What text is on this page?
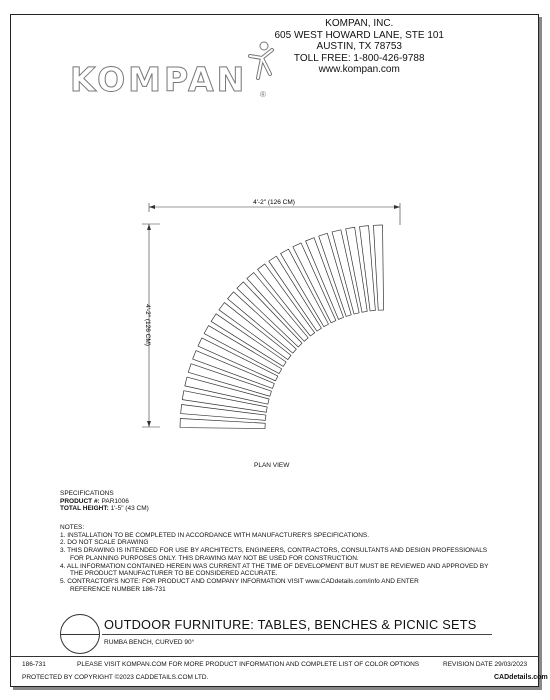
KOMPAN, INC.
605 WEST HOWARD LANE, STE 101
AUSTIN, TX 78753
TOLL FREE: 1-800-426-9788
www.kompan.com
KOMPAN ®
4'-2" (126 CM)
4'-2" (126 CM)
PLAN VIEW
SPECIFICATIONS
PRODUCT #: PAR1006
TOTAL HEIGHT: 1'-5" (43 CM)
NOTES:
1. INSTALLATION TO BE COMPLETED IN ACCORDANCE WITH MANUFACTURER'S SPECIFICATIONS.
2. DO NOT SCALE DRAWING
3. THIS DRAWING IS INTENDED FOR USE BY ARCHITECTS, ENGINEERS, CONTRACTORS, CONSULTANTS AND DESIGN PROFESSIONALS
FOR PLANNING PURPOSES ONLY. THIS DRAWING MAY NOT BE USED FOR CONSTRUCTION.
4. ALL INFORMATION CONTAINED HEREIN WAS CURRENT AT THE TIME OF DEVELOPMENT BUT MUST BE REVIEWED AND APPROVED BY
THE PRODUCT MANUFACTURER TO BE CONSIDERED ACCURATE.
5. CONTRACTOR'S NOTE: FOR PRODUCT AND COMPANY INFORMATION VISIT www.CADdetails.com/info AND ENTER
REFERENCE NUMBER 186-731
OUTDOOR FURNITURE: TABLES, BENCHES & PICNIC SETS
RUMBA BENCH, CURVED 90°
186-731	PLEASE VISIT KOMPAN.COM FOR MORE PRODUCT INFORMATION AND COMPLETE LIST OF COLOR OPTIONS	REVISION DATE 29/03/2023
PROTECTED BY COPYRIGHT ©2023 CADDETAILS.COM LTD.	CADdetails.com
